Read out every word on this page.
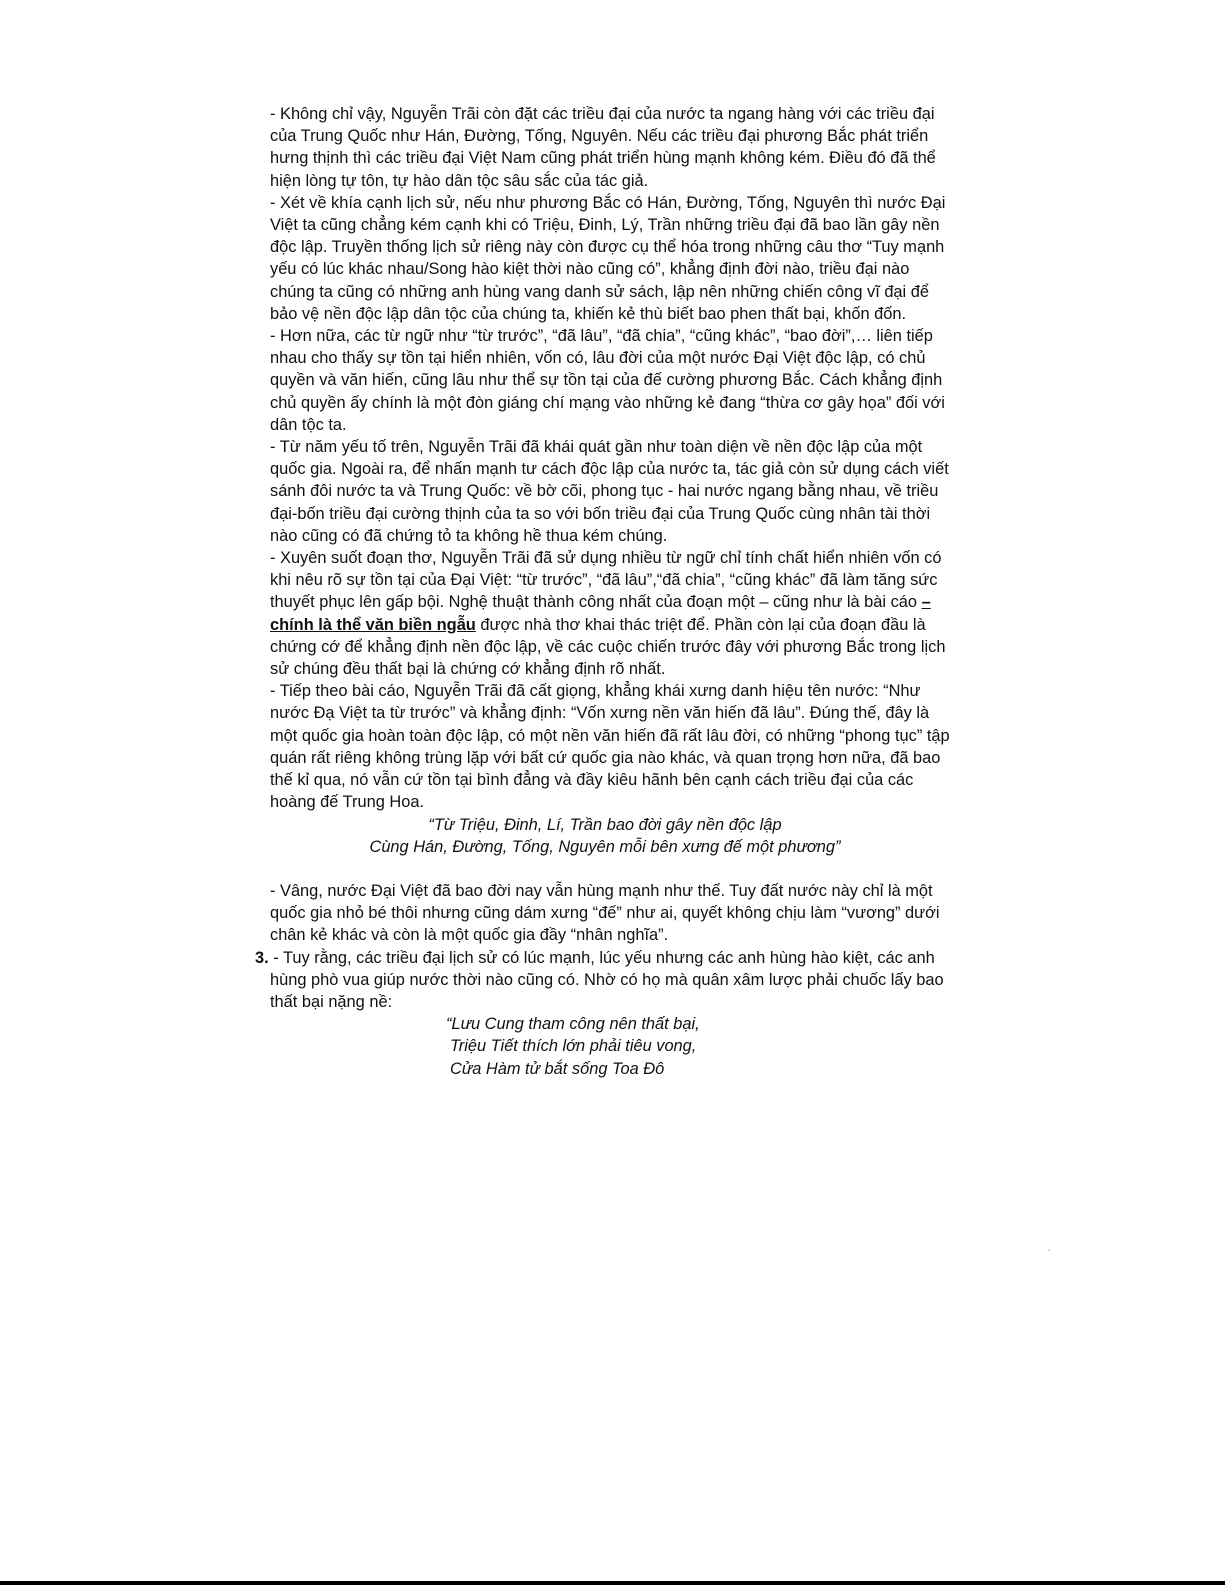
- Không chỉ vậy, Nguyễn Trãi còn đặt các triều đại của nước ta ngang hàng với các triều đại của Trung Quốc như Hán, Đường, Tống, Nguyên. Nếu các triều đại phương Bắc phát triển hưng thịnh thì các triều đại Việt Nam cũng phát triển hùng mạnh không kém. Điều đó đã thể hiện lòng tự tôn, tự hào dân tộc sâu sắc của tác giả.

- Xét về khía cạnh lịch sử, nếu như phương Bắc có Hán, Đường, Tống, Nguyên thì nước Đại Việt ta cũng chẳng kém cạnh khi có Triệu, Đinh, Lý, Trần những triều đại đã bao lần gây nền độc lập. Truyền thống lịch sử riêng này còn được cụ thể hóa trong những câu thơ “Tuy mạnh yếu có lúc khác nhau/Song hào kiệt thời nào cũng có”, khẳng định đời nào, triều đại nào chúng ta cũng có những anh hùng vang danh sử sách, lập nên những chiến công vĩ đại để bảo vệ nền độc lập dân tộc của chúng ta, khiến kẻ thù biết bao phen thất bại, khốn đốn.

- Hơn nữa, các từ ngữ như “từ trước”, “đã lâu”, “đã chia”, “cũng khác”, “bao đời”,… liên tiếp nhau cho thấy sự tồn tại hiển nhiên, vốn có, lâu đời của một nước Đại Việt độc lập, có chủ quyền và văn hiến, cũng lâu như thể sự tồn tại của đế cường phương Bắc. Cách khẳng định chủ quyền ấy chính là một đòn giáng chí mạng vào những kẻ đang “thừa cơ gây họa” đối với dân tộc ta.

- Từ năm yếu tố trên, Nguyễn Trãi đã khái quát gần như toàn diện về nền độc lập của một quốc gia. Ngoài ra, để nhấn mạnh tư cách độc lập của nước ta, tác giả còn sử dụng cách viết sánh đôi nước ta và Trung Quốc: về bờ cõi, phong tục - hai nước ngang bằng nhau, về triều đại-bốn triều đại cường thịnh của ta so với bốn triều đại của Trung Quốc cùng nhân tài thời nào cũng có đã chứng tỏ ta không hề thua kém chúng.

- Xuyên suốt đoạn thơ, Nguyễn Trãi đã sử dụng nhiều từ ngữ chỉ tính chất hiển nhiên vốn có khi nêu rõ sự tồn tại của Đại Việt: “từ trước”, “đã lâu”,“đã chia”, “cũng khác” đã làm tăng sức thuyết phục lên gấp bội. Nghệ thuật thành công nhất của đoạn một – cũng như là bài cáo – chính là thể văn biền ngẫu được nhà thơ khai thác triệt để. Phần còn lại của đoạn đầu là chứng cớ để khẳng định nền độc lập, về các cuộc chiến trước đây với phương Bắc trong lịch sử chúng đều thất bại là chứng cớ khẳng định rõ nhất.

- Tiếp theo bài cáo, Nguyễn Trãi đã cất giọng, khẳng khái xưng danh hiệu tên nước: “Như nước Đạ Việt ta từ trước” và khẳng định: “Vốn xưng nền văn hiến đã lâu”. Đúng thế, đây là một quốc gia hoàn toàn độc lập, có một nền văn hiến đã rất lâu đời, có những “phong tục” tập quán rất riêng không trùng lặp với bất cứ quốc gia nào khác, và quan trọng hơn nữa, đã bao thế kỉ qua, nó vẫn cứ tồn tại bình đẳng và đầy kiêu hãnh bên cạnh cách triều đại của các hoàng đế Trung Hoa.

“Từ Triệu, Đinh, Lí, Trần bao đời gây nền độc lập

Cùng Hán, Đường, Tống, Nguyên mỗi bên xưng đế một phương”

- Vâng, nước Đại Việt đã bao đời nay vẫn hùng mạnh như thế. Tuy đất nước này chỉ là một quốc gia nhỏ bé thôi nhưng cũng dám xưng “đế” như ai, quyết không chịu làm “vương” dưới chân kẻ khác và còn là một quốc gia đầy “nhân nghĩa”.

3. - Tuy rằng, các triều đại lịch sử có lúc mạnh, lúc yếu nhưng các anh hùng hào kiệt, các anh hùng phò vua giúp nước thời nào cũng có. Nhờ có họ mà quân xâm lược phải chuốc lấy bao thất bại nặng nề:

“Lưu Cung tham công nên thất bại,

Triệu Tiết thích lớn phải tiêu vong,

Cửa Hàm tử bắt sống Toa Đô
